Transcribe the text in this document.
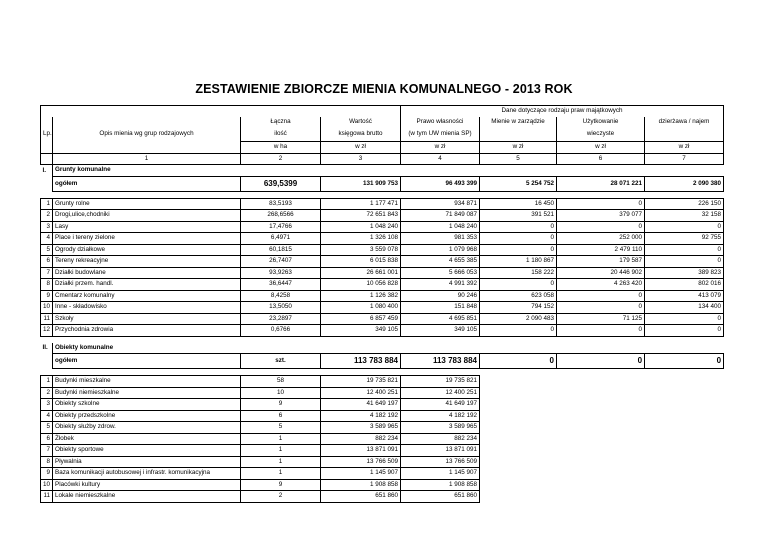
ZESTAWIENIE ZBIORCZE MIENIA KOMUNALNEGO - 2013 ROK
					Dane dotyczące rodzaju praw majątkowych		
		Łączna	Wartość	Prawo własności	Mienie w zarządzie	Użytkowanie	dzierżawa / najem
Lp.	Opis mienia wg grup rodzajowych	ilość	księgowa brutto	(w tym UW mienia SP)		wieczyste	
		w ha	w zł	w zł	w zł	w zł	w zł
	1	2	3	4	5	6	7
I.	Grunty komunalne						
	ogółem	639,5399	131 909 753	96 493 399	5 254 752	28 071 221	2 090 380

1	Grunty rolne	83,5193	1 177 471	934 871	16 450	0	226 150
2	Drogi,ulice,chodniki	268,6566	72 651 843	71 849 087	391 521	379 077	32 158
3	Lasy	17,4766	1 048 240	1 048 240	0	0	0
4	Place i tereny zielone	6,4971	1 326 108	981 353	0	252 000	92 755
5	Ogrody działkowe	60,1815	3 559 078	1 079 968	0	2 479 110	0
6	Tereny rekreacyjne	26,7407	6 015 838	4 655 385	1 180 867	179 587	0
7	Działki budowlane	93,9263	26 661 001	5 666 053	158 222	20 446 902	389 823
8	Działki przem. handl.	36,6447	10 056 828	4 991 392	0	4 263 420	802 016
9	Cmentarz komunalny	8,4258	1 126 382	90 246	623 058	0	413 079
10	Inne - składowisko	13,5050	1 080 400	151 848	794 152	0	134 400
11	Szkoły	23,2897	6 857 459	4 695 851	2 090 483	71 125	0
12	Przychodnia zdrowia	0,6766	349 105	349 105	0	0	0

II.	Obiekty komunalne						
	ogółem	szt.	113 783 884	113 783 884	0	0	0

1	Budynki mieszkalne	58	19 735 821	19 735 821			
2	Budynki niemieszkalne	10	12 400 251	12 400 251			
3	Obiekty szkolne	9	41 649 197	41 649 197			
4	Obiekty przedszkolne	6	4 182 192	4 182 192			
5	Obiekty służby zdrow.	5	3 589 965	3 589 965			
6	Żłobek	1	882 234	882 234			
7	Obiekty sportowe	1	13 871 091	13 871 091			
8	Pływalnia	1	13 766 509	13 766 509			
9	Baza komunikacji autobusowej i infrastr. komunikacyjna	1	1 145 907	1 145 907			
10	Placówki kultury	9	1 908 858	1 908 858			
11	Lokale niemieszkalne	2	651 860	651 860			
